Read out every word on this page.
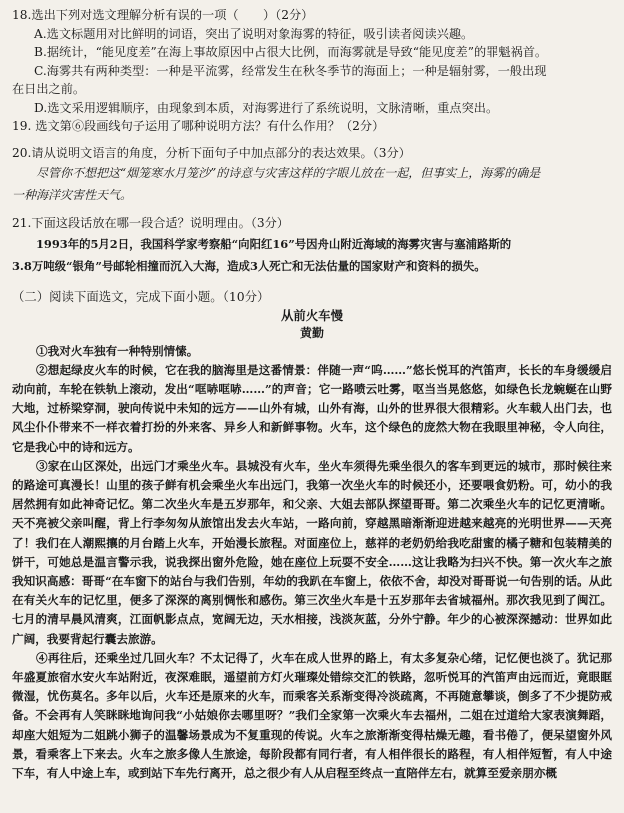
18.选出下列对选文理解分析有误的一项（　　）（2分）

A.选文标题用对比鲜明的词语，突出了说明对象海雾的特征，吸引读者阅读兴趣。

B.据统计，“能见度差”在海上事故原因中占很大比例，而海雾就是导致“能见度差”的罪魁祸首。

C.海雾共有两种类型：一种是平流雾，经常发生在秋冬季节的海面上；一种是辐射雾，一般出现

在日出之前。

D.选文采用逻辑顺序，由现象到本质，对海雾进行了系统说明，文脉清晰，重点突出。

19. 选文第⑥段画线句子运用了哪种说明方法？有什么作用？（2分）

20.请从说明文语言的角度，分析下面句子中加点部分的表达效果。（3分）

尽管你不想把这“烟笼寒水月笼沙”的诗意与灾害这样的字眼儿放在一起，但事实上，海雾的确是

一种海洋灾害性天气。

21.下面这段话放在哪一段合适？说明理由。（3分）

1993年的5月2日，我国科学家考察船“向阳红16”号因舟山附近海域的海雾灾害与塞浦路斯的

3.8万吨级“银角”号邮轮相撞而沉入大海，造成3人死亡和无法估量的国家财产和资料的损失。

（二）阅读下面选文，完成下面小题。（10分）

从前火车慢

黄勤

①我对火车独有一种特别情愫。

②想起绿皮火车的时候，它在我的脑海里是这番情景：伴随一声“呜……”悠长悦耳的汽笛声，长长的车身缓缓启动向前，车轮在铁轨上滚动，发出“哐哧哐哧……”的声音；它一路喷云吐雾，呕当当晃悠悠，如绿色长龙蜿蜒在山野大地，过桥梁穿洞，驶向传说中未知的远方——山外有城，山外有海，山外的世界很大很精彩。火车载人出门去，也风尘仆仆带来不一样衣着打扮的外来客、异乡人和新鲜事物。火车，这个绿色的庞然大物在我眼里神秘，令人向往，它是我心中的诗和远方。

③家在山区深处，出远门才乘坐火车。县城没有火车，坐火车须得先乘坐很久的客车到更远的城市，那时候往来的路途可真漫长！山里的孩子鲜有机会乘坐火车出远门，我第一次坐火车的时候还小，还要喂食奶粉。可，幼小的我居然拥有如此神奇记忆。第二次坐火车是五岁那年，和父亲、大姐去部队探望哥哥。第二次乘坐火车的记忆更清晰。天不亮被父亲叫醒，背上行李匆匆从旅馆出发去火车站，一路向前，穿越黑暗渐渐迎进越来越亮的光明世界——天亮了！我们在人潮熙攘的月台踏上火车，开始漫长旅程。对面座位上，慈祥的老奶奶给我吃甜蜜的橘子糖和包装精美的饼干，可她总是温言警示我，说我探出窗外危险，她在座位上玩耍不安全……这让我略为扫兴不快。第一次火车之旅我知识高感：哥哥“在车窗下的站台与我们告别，年幼的我趴在车窗上，依依不舍，却没对哥哥说一句告别的话。从此在有关火车的记忆里，便多了深深的离别惆怅和感伤。第三次坐火车是十五岁那年去省城福州。那次我见到了闽江。七月的清早晨风清爽，江面帆影点点，宽阔无边，天水相接，浅淡灰蓝，分外宁静。年少的心被深深撼动：世界如此广阔，我要背起行囊去旅游。

④再往后，还乘坐过几回火车？不太记得了，火车在成人世界的路上，有太多复杂心绪，记忆便也淡了。犹记那年盛夏旅宿水安火车站附近，夜深难眠，遥望前方灯火璀璨处错综交汇的铁路，忽听悦耳的汽笛声由远而近，竟眼眶微湿，忧伤莫名。多年以后，火车还是原来的火车，而乘客关系渐变得冷淡疏离，不再随意攀谈，倒多了不少提防戒备。不会再有人笑眯眯地询问我“小姑娘你去哪里呀？”我们全家第一次乘火车去福州，二姐在过道给大家表演舞蹈，却座大姐短为二姐跳小狮子的温馨场景成为不复重现的传说。火车之旅渐渐变得枯燥无趣，看书倦了，便呆望窗外风景，看乘客上下来去。火车之旅多像人生旅途，每阶段都有同行者，有人相伴很长的路程，有人相伴短暂，有人中途下车，有人中途上车，或到站下车先行离开，总之很少有人从启程至终点一直陪伴左右，就算至爱亲朋亦概
